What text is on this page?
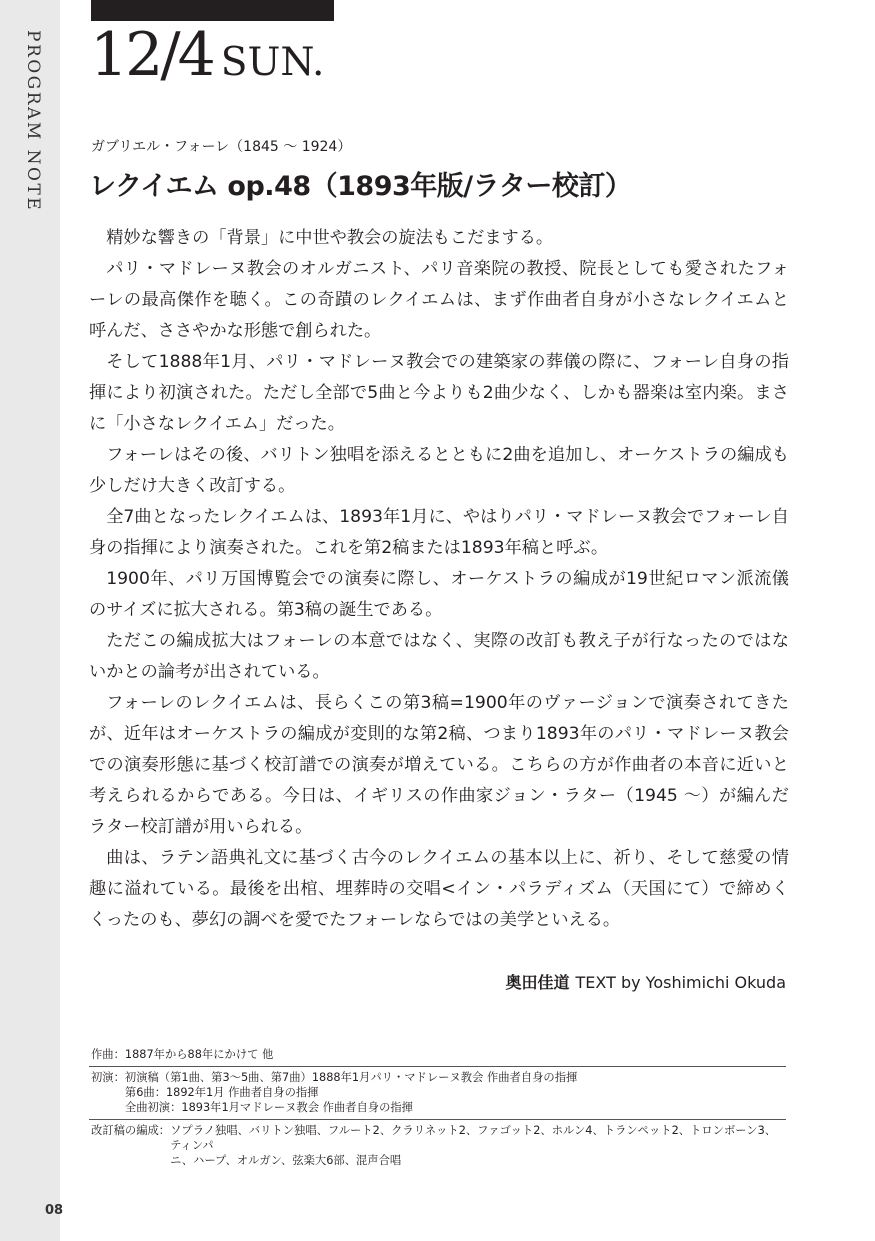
PROGRAM NOTE
08
12/4 SUN.
ガブリエル・フォーレ（1845 ～ 1924）
レクイエム op.48（1893年版/ラター校訂）

精妙な響きの「背景」に中世や教会の旋法もこだまする。

パリ・マドレーヌ教会のオルガニスト、パリ音楽院の教授、院長としても愛されたフォーレの最高傑作を聴く。この奇蹟のレクイエムは、まず作曲者自身が小さなレクイエムと呼んだ、ささやかな形態で創られた。

そして1888年1月、パリ・マドレーヌ教会での建築家の葬儀の際に、フォーレ自身の指揮により初演された。ただし全部で5曲と今よりも2曲少なく、しかも器楽は室内楽。まさに「小さなレクイエム」だった。

フォーレはその後、バリトン独唱を添えるとともに2曲を追加し、オーケストラの編成も少しだけ大きく改訂する。

全7曲となったレクイエムは、1893年1月に、やはりパリ・マドレーヌ教会でフォーレ自身の指揮により演奏された。これを第2稿または1893年稿と呼ぶ。

1900年、パリ万国博覧会での演奏に際し、オーケストラの編成が19世紀ロマン派流儀のサイズに拡大される。第3稿の誕生である。

ただこの編成拡大はフォーレの本意ではなく、実際の改訂も教え子が行なったのではないかとの論考が出されている。

フォーレのレクイエムは、長らくこの第3稿=1900年のヴァージョンで演奏されてきたが、近年はオーケストラの編成が変則的な第2稿、つまり1893年のパリ・マドレーヌ教会での演奏形態に基づく校訂譜での演奏が増えている。こちらの方が作曲者の本音に近いと考えられるからである。今日は、イギリスの作曲家ジョン・ラター（1945 ～）が編んだラター校訂譜が用いられる。

曲は、ラテン語典礼文に基づく古今のレクイエムの基本以上に、祈り、そして慈愛の情趣に溢れている。最後を出棺、埋葬時の交唱<イン・パラディズム（天国にて）で締めくくったのも、夢幻の調べを愛でたフォーレならではの美学といえる。

奥田佳道 TEXT by Yoshimichi Okuda
作曲： 1887年から88年にかけて 他
初演： 初演稿（第1曲、第3～5曲、第7曲）1888年1月パリ・マドレーヌ教会 作曲者自身の指揮
第6曲：1892年1月 作曲者自身の指揮
全曲初演：1893年1月マドレーヌ教会 作曲者自身の指揮
改訂稿の編成： ソプラノ独唱、バリトン独唱、フルート2、クラリネット2、ファゴット2、ホルン4、トランペット2、トロンボーン3、ティンパ
ニ、ハープ、オルガン、弦楽大6部、混声合唱
